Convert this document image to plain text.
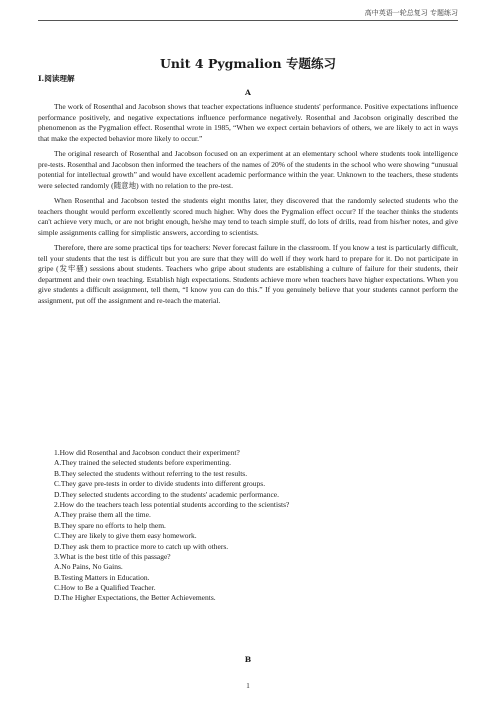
高中英语一轮总复习 专题练习
Unit 4 Pygmalion 专题练习
I.阅读理解
A

The work of Rosenthal and Jacobson shows that teacher expectations influence students' performance. Positive expectations influence performance positively, and negative expectations influence performance negatively. Rosenthal and Jacobson originally described the phenomenon as the Pygmalion effect. Rosenthal wrote in 1985, “When we expect certain behaviors of others, we are likely to act in ways that make the expected behavior more likely to occur.”

The original research of Rosenthal and Jacobson focused on an experiment at an elementary school where students took intelligence pre-tests. Rosenthal and Jacobson then informed the teachers of the names of 20% of the students in the school who were showing “unusual potential for intellectual growth” and would have excellent academic performance within the year. Unknown to the teachers, these students were selected randomly (随意地) with no relation to the pre-test.

When Rosenthal and Jacobson tested the students eight months later, they discovered that the randomly selected students who the teachers thought would perform excellently scored much higher. Why does the Pygmalion effect occur? If the teacher thinks the students can't achieve very much, or are not bright enough, he/she may tend to teach simple stuff, do lots of drills, read from his/her notes, and give simple assignments calling for simplistic answers, according to scientists.

Therefore, there are some practical tips for teachers: Never forecast failure in the classroom. If you know a test is particularly difficult, tell your students that the test is difficult but you are sure that they will do well if they work hard to prepare for it. Do not participate in gripe (发牢骚) sessions about students. Teachers who gripe about students are establishing a culture of failure for their students, their department and their own teaching. Establish high expectations. Students achieve more when teachers have higher expectations. When you give students a difficult assignment, tell them, “I know you can do this.” If you genuinely believe that your students cannot perform the assignment, put off the assignment and re-teach the material.

1.How did Rosenthal and Jacobson conduct their experiment?
A.They trained the selected students before experimenting.
B.They selected the students without referring to the test results.
C.They gave pre-tests in order to divide students into different groups.
D.They selected students according to the students' academic performance.
2.How do the teachers teach less potential students according to the scientists?
A.They praise them all the time.
B.They spare no efforts to help them.
C.They are likely to give them easy homework.
D.They ask them to practice more to catch up with others.
3.What is the best title of this passage?
A.No Pains, No Gains.
B.Testing Matters in Education.
C.How to Be a Qualified Teacher.
D.The Higher Expectations, the Better Achievements.
B
1
